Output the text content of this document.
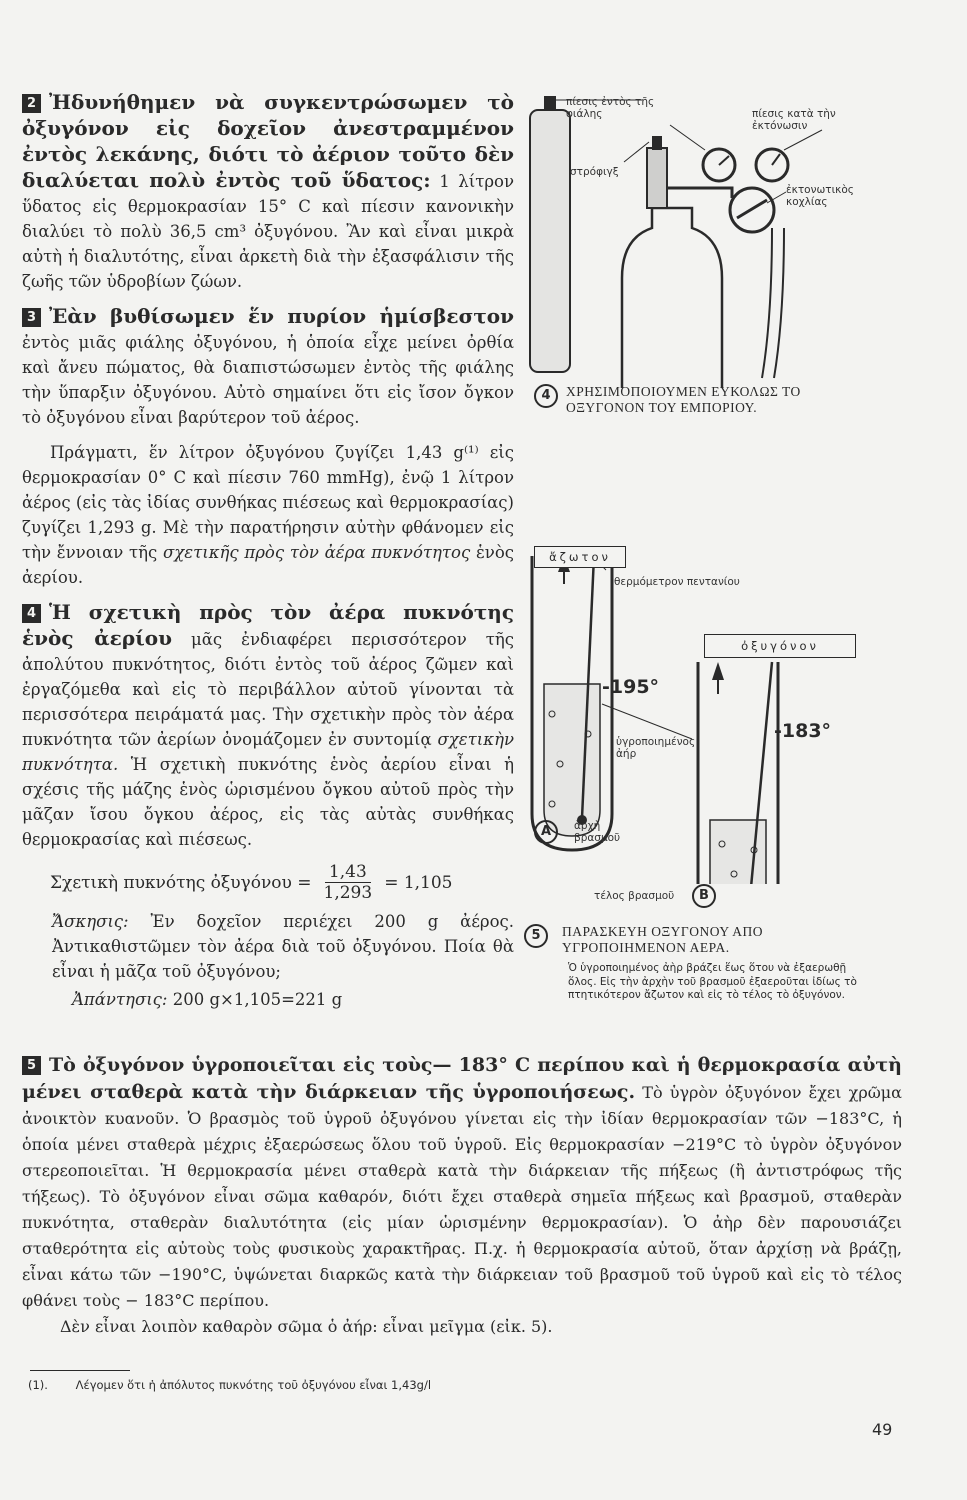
2 Ἠδυνήθημεν νὰ συγκεντρώσωμεν τὸ ὀξυγόνον εἰς δοχεῖον ἀνεστραμμένον ἐντὸς λεκάνης, διότι τὸ ἀέριον τοῦτο δὲν διαλύεται πολὺ ἐντὸς τοῦ ὕδατος: 1 λίτρον ὕδατος εἰς θερμοκρασίαν 15° C καὶ πίεσιν κανονικὴν διαλύει τὸ πολὺ 36,5 cm³ ὀξυγόνου. Ἂν καὶ εἶναι μικρὰ αὐτὴ ἡ διαλυτότης, εἶναι ἀρκετὴ διὰ τὴν ἐξασφάλισιν τῆς ζωῆς τῶν ὑδροβίων ζώων.

3 Ἐὰν βυθίσωμεν ἕν πυρίον ἡμίσβεστον ἐντὸς μιᾶς φιάλης ὀξυγόνου, ἡ ὁποία εἶχε μείνει ὀρθία καὶ ἄνευ πώματος, θὰ διαπιστώσωμεν ἐντὸς τῆς φιάλης τὴν ὕπαρξιν ὀξυγόνου. Αὐτὸ σημαίνει ὅτι εἰς ἴσον ὄγκον τὸ ὀξυγόνου εἶναι βαρύτερον τοῦ ἀέρος.

Πράγματι, ἕν λίτρον ὀξυγόνου ζυγίζει 1,43 g⁽¹⁾ εἰς θερμοκρασίαν 0° C καὶ πίεσιν 760 mmHg), ἐνῷ 1 λίτρον ἀέρος (εἰς τὰς ἰδίας συνθήκας πιέσεως καὶ θερμοκρασίας) ζυγίζει 1,293 g. Μὲ τὴν παρατήρησιν αὐτὴν φθάνομεν εἰς τὴν ἔννοιαν τῆς σχετικῆς πρὸς τὸν ἀέρα πυκνότητος ἑνὸς ἀερίου.

4 Ἡ σχετικὴ πρὸς τὸν ἀέρα πυκνότης ἑνὸς ἀερίου μᾶς ἐνδιαφέρει περισσότερον τῆς ἀπολύτου πυκνότητος, διότι ἐντὸς τοῦ ἀέρος ζῶμεν καὶ ἐργαζόμεθα καὶ εἰς τὸ περιβάλλον αὐτοῦ γίνονται τὰ περισσότερα πειράματά μας. Τὴν σχετικὴν πρὸς τὸν ἀέρα πυκνότητα τῶν ἀερίων ὀνομάζομεν ἐν συντομίᾳ σχετικὴν πυκνότητα. Ἡ σχετικὴ πυκνότης ἑνὸς ἀερίου εἶναι ἡ σχέσις τῆς μάζης ἑνὸς ὡρισμένου ὄγκου αὐτοῦ πρὸς τὴν μᾶζαν ἴσου ὄγκου ἀέρος, εἰς τὰς αὐτὰς συνθήκας θερμοκρασίας καὶ πιέσεως.

Σχετικὴ πυκνότης ὀξυγόνου = $\frac{1,43}{1,293} = 1,105$
Ἄσκησις: Ἐν δοχεῖον περιέχει 200 g ἀέρος. Ἀντικαθιστῶμεν τὸν ἀέρα διὰ τοῦ ὀξυγόνου. Ποία θὰ εἶναι ἡ μᾶζα τοῦ ὀξυγόνου;
Ἀπάντησις: 200 g×1,105=221 g
πίεσις ἐντὸς τῆς φιάλης	πίεσις κατὰ τὴν ἐκτόνωσιν
στρόφιγξ
ἐκτονωτικὸς κοχλίας
4	ΧΡΗΣΙΜΟΠΟΙΟΥΜΕΝ ΕΥΚΟΛΩΣ ΤΟ ΟΞΥΓΟΝΟΝ ΤΟΥ ΕΜΠΟΡΙΟΥ.
ἄζωτον
ὀξυγόνον
θερμόμετρον πεντανίου
-195°
-183°
ὑγροποιημένος ἀήρ
A	ἀρχὴ βρασμοῦ
τέλος βρασμοῦ	B
5	ΠΑΡΑΣΚΕΥΗ ΟΞΥΓΟΝΟΥ ΑΠΟ ΥΓΡΟΠΟΙΗΜΕΝΟΝ ΑΕΡΑ.
Ὁ ὑγροποιημένος ἀὴρ βράζει ἕως ὅτου νὰ ἐξαερωθῇ ὅλος. Εἰς τὴν ἀρχὴν τοῦ βρασμοῦ ἐξαεροῦται ἰδίως τὸ πτητικότερον ἄζωτον καὶ εἰς τὸ τέλος τὸ ὀξυγόνον.

5 Τὸ ὀξυγόνον ὑγροποιεῖται εἰς τοὺς— 183° C περίπου καὶ ἡ θερμοκρασία αὐτὴ μένει σταθερὰ κατὰ τὴν διάρκειαν τῆς ὑγροποιήσεως. Τὸ ὑγρὸν ὀξυγόνον ἔχει χρῶμα ἀνοικτὸν κυανοῦν. Ὁ βρασμὸς τοῦ ὑγροῦ ὀξυγόνου γίνεται εἰς τὴν ἰδίαν θερμοκρασίαν τῶν −183°C, ἡ ὁποία μένει σταθερὰ μέχρις ἐξαερώσεως ὅλου τοῦ ὑγροῦ. Εἰς θερμοκρασίαν −219°C τὸ ὑγρὸν ὀξυγόνον στερεοποιεῖται. Ἡ θερμοκρασία μένει σταθερὰ κατὰ τὴν διάρκειαν τῆς πήξεως (ἢ ἀντιστρόφως τῆς τήξεως). Τὸ ὀξυγόνον εἶναι σῶμα καθαρόν, διότι ἔχει σταθερὰ σημεῖα πήξεως καὶ βρασμοῦ, σταθερὰν πυκνότητα, σταθερὰν διαλυτότητα (εἰς μίαν ὡρισμένην θερμοκρασίαν). Ὁ ἀὴρ δὲν παρουσιάζει σταθερότητα εἰς αὐτοὺς τοὺς φυσικοὺς χαρακτῆρας. Π.χ. ἡ θερμοκρασία αὐτοῦ, ὅταν ἀρχίσῃ νὰ βράζῃ, εἶναι κάτω τῶν −190°C, ὑψώνεται διαρκῶς κατὰ τὴν διάρκειαν τοῦ βρασμοῦ τοῦ ὑγροῦ καὶ εἰς τὸ τέλος φθάνει τοὺς − 183°C περίπου.

Δὲν εἶναι λοιπὸν καθαρὸν σῶμα ὁ ἀήρ: εἶναι μεῖγμα (εἰκ. 5).

(1). Λέγομεν ὅτι ἡ ἀπόλυτος πυκνότης τοῦ ὀξυγόνου εἶναι 1,43g/l
49
